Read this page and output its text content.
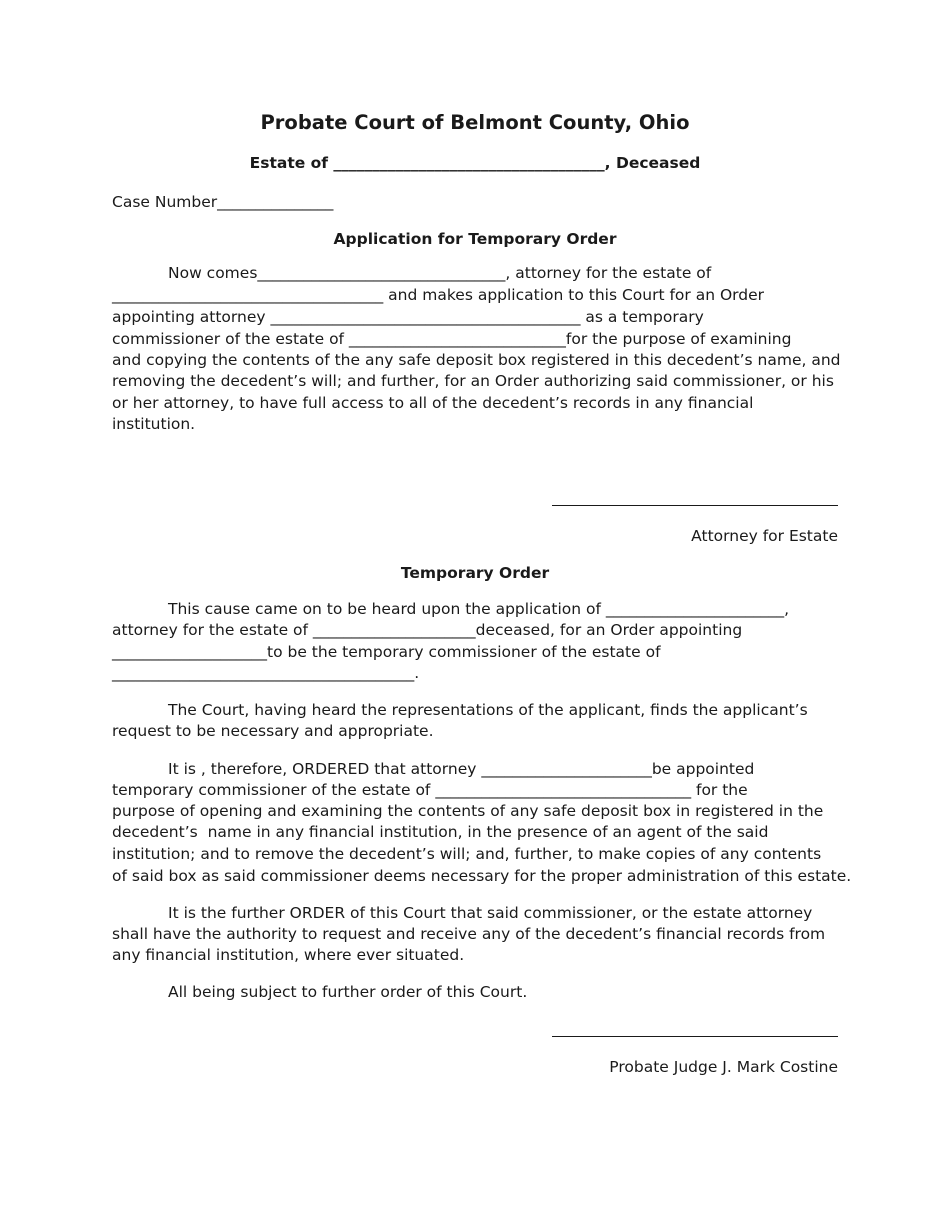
Probate Court of Belmont County, Ohio
Estate of ___________________________________, Deceased
Case Number_______________
Application for Temporary Order
Now comes________________________________, attorney for the estate of
___________________________________ and makes application to this Court for an Order
appointing attorney ________________________________________ as a temporary
commissioner of the estate of ____________________________for the purpose of examining
and copying the contents of the any safe deposit box registered in this decedent’s name, and
removing the decedent’s will; and further, for an Order authorizing said commissioner, or his
or her attorney, to have full access to all of the decedent’s records in any financial
institution.
Attorney for Estate
Temporary Order
This cause came on to be heard upon the application of _______________________,
attorney for the estate of _____________________deceased, for an Order appointing
____________________to be the temporary commissioner of the estate of
_______________________________________.
The Court, having heard the representations of the applicant, finds the applicant’s
request to be necessary and appropriate.
It is , therefore, ORDERED that attorney ______________________be appointed
temporary commissioner of the estate of _________________________________ for the
purpose of opening and examining the contents of any safe deposit box in registered in the
decedent’s  name in any financial institution, in the presence of an agent of the said
institution; and to remove the decedent’s will; and, further, to make copies of any contents
of said box as said commissioner deems necessary for the proper administration of this estate.
It is the further ORDER of this Court that said commissioner, or the estate attorney
shall have the authority to request and receive any of the decedent’s financial records from
any financial institution, where ever situated.
All being subject to further order of this Court.
Probate Judge J. Mark Costine
